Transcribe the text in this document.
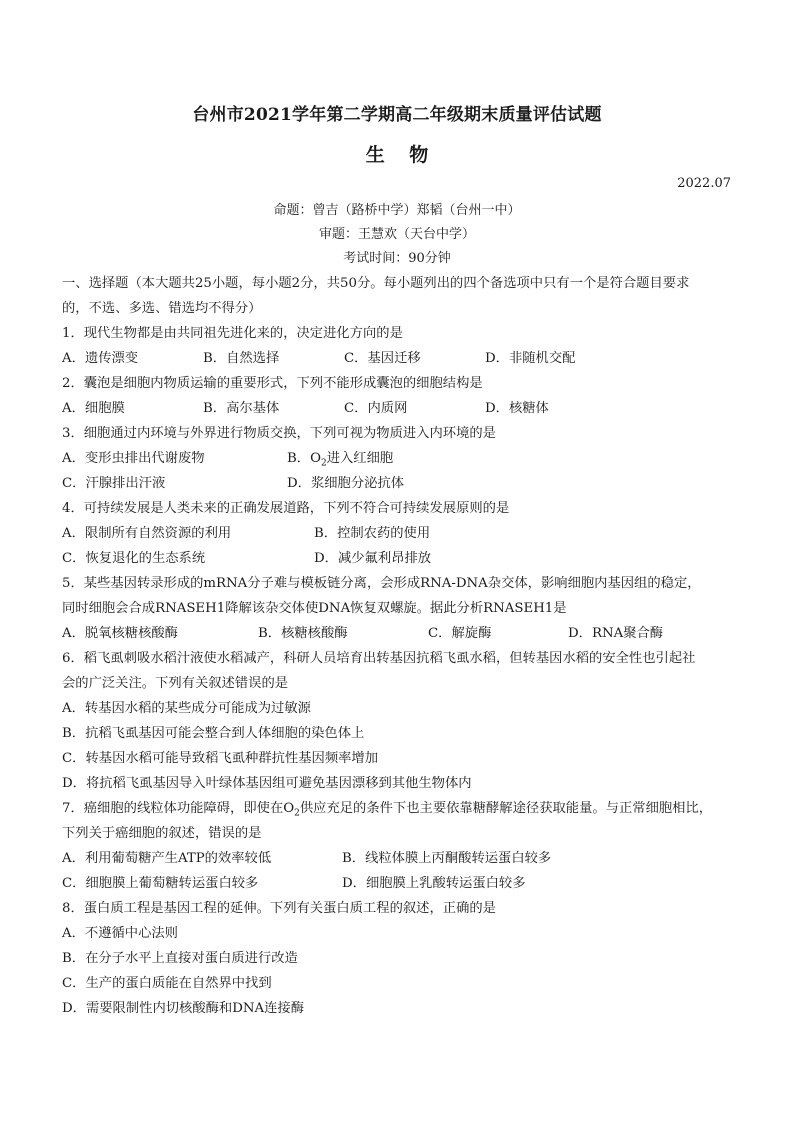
台州市2021学年第二学期高二年级期末质量评估试题
生 物
2022.07
命题：曾吉（路桥中学）郑韬（台州一中）
审题：王慧欢（天台中学）
考试时间：90分钟
一、选择题（本大题共25小题，每小题2分，共50分。每小题列出的四个备选项中只有一个是符合题目要求
的，不选、多选、错选均不得分）
1．现代生物都是由共同祖先进化来的，决定进化方向的是
A．遗传漂变	B．自然选择	C．基因迁移	D．非随机交配
2．囊泡是细胞内物质运输的重要形式，下列不能形成囊泡的细胞结构是
A．细胞膜	B．高尔基体	C．内质网	D．核糖体
3．细胞通过内环境与外界进行物质交换，下列可视为物质进入内环境的是
A．变形虫排出代谢废物	B．$O_2$进入红细胞
C．汗腺排出汗液	D．浆细胞分泌抗体
4．可持续发展是人类未来的正确发展道路，下列不符合可持续发展原则的是
A．限制所有自然资源的利用	B．控制农药的使用
C．恢复退化的生态系统	D．减少氟利昂排放
5．某些基因转录形成的mRNA分子难与模板链分离，会形成RNA-DNA杂交体，影响细胞内基因组的稳定，
同时细胞会合成RNASEH1降解该杂交体使DNA恢复双螺旋。据此分析RNASEH1是
A．脱氧核糖核酸酶	B．核糖核酸酶	C．解旋酶	D．RNA聚合酶
6．稻飞虱刺吸水稻汁液使水稻减产，科研人员培育出转基因抗稻飞虱水稻，但转基因水稻的安全性也引起社
会的广泛关注。下列有关叙述错误的是
A．转基因水稻的某些成分可能成为过敏源
B．抗稻飞虱基因可能会整合到人体细胞的染色体上
C．转基因水稻可能导致稻飞虱种群抗性基因频率增加
D．将抗稻飞虱基因导入叶绿体基因组可避免基因漂移到其他生物体内
7．癌细胞的线粒体功能障碍，即使在$O_2$供应充足的条件下也主要依靠糖酵解途径获取能量。与正常细胞相比，
下列关于癌细胞的叙述，错误的是
A．利用葡萄糖产生ATP的效率较低	B．线粒体膜上丙酮酸转运蛋白较多
C．细胞膜上葡萄糖转运蛋白较多	D．细胞膜上乳酸转运蛋白较多
8．蛋白质工程是基因工程的延伸。下列有关蛋白质工程的叙述，正确的是
A．不遵循中心法则
B．在分子水平上直接对蛋白质进行改造
C．生产的蛋白质能在自然界中找到
D．需要限制性内切核酸酶和DNA连接酶
